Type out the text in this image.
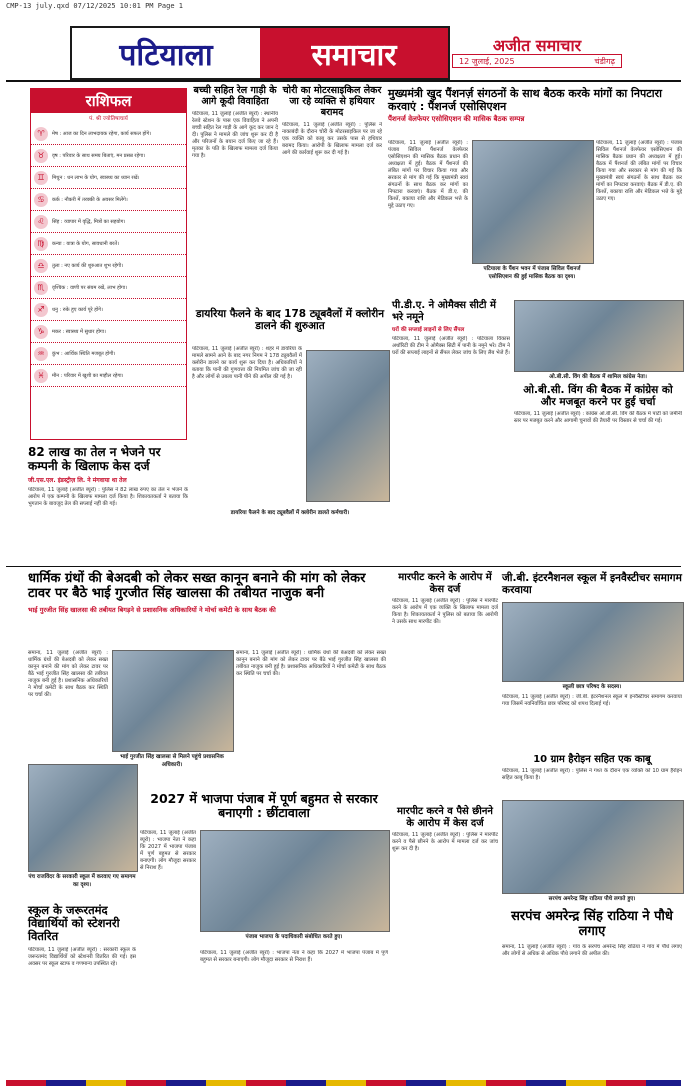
CMP-13 july.qxd 07/12/2025 10:01 PM Page 1
पटियाला	समाचार	अजीत समाचार
12 जुलाई, 2025	चंडीगढ़
राशिफल
पं. श्री ज्योतिषाचार्य
♈	मेष : आज का दिन लाभदायक रहेगा, कार्य सफल होंगे।
♉	वृष : परिवार के साथ समय बिताएं, मन प्रसन्न रहेगा।
♊	मिथुन : धन लाभ के योग, स्वास्थ्य का ध्यान रखें।
♋	कर्क : नौकरी में तरक्की के अवसर मिलेंगे।
♌	सिंह : व्यापार में वृद्धि, मित्रों का सहयोग।
♍	कन्या : यात्रा के योग, सावधानी बरतें।
♎	तुला : नए कार्य की शुरुआत शुभ रहेगी।
♏	वृश्चिक : वाणी पर संयम रखें, लाभ होगा।
♐	धनु : रुके हुए कार्य पूरे होंगे।
♑	मकर : स्वास्थ्य में सुधार होगा।
♒	कुंभ : आर्थिक स्थिति मजबूत होगी।
♓	मीन : परिवार में खुशी का माहौल रहेगा।
बच्ची सहित रेल गाड़ी के आगे कूदी विवाहिता
पटियाला, 11 जुलाई (अजीत ब्यूरो) : स्थानीय रेलवे स्टेशन के पास एक विवाहिता ने अपनी बच्ची सहित रेल गाड़ी के आगे कूद कर जान दे दी। पुलिस ने मामले की जांच शुरू कर दी है और परिजनों के बयान दर्ज किए जा रहे हैं। मृतका के पति के खिलाफ मामला दर्ज किया गया है।
चोरी का मोटरसाइकिल लेकर जा रहे व्यक्ति से हथियार बरामद
पटियाला, 11 जुलाई (अजीत ब्यूरो) : पुलिस ने नाकाबंदी के दौरान चोरी के मोटरसाइकिल पर जा रहे एक व्यक्ति को काबू कर उसके पास से हथियार बरामद किया। आरोपी के खिलाफ मामला दर्ज कर आगे की कार्रवाई शुरू कर दी गई है।
मुख्यमंत्री खुद पैंशनर्ज़ संगठनों के साथ बैठक करके मांगों का निपटारा करवाएं : पैंशनर्ज एसोसिएशन
पैंशनर्ज वेलफेयर एसोसिएशन की मासिक बैठक सम्पन्न
पटियाला, 11 जुलाई (अजीत ब्यूरो) : पंजाब सिविल पैंशनर्ज वेलफेयर एसोसिएशन की मासिक बैठक प्रधान की अध्यक्षता में हुई। बैठक में पैंशनर्ज की लंबित मांगों पर विचार किया गया और सरकार से मांग की गई कि मुख्यमंत्री स्वयं संगठनों के साथ बैठक कर मांगों का निपटारा करवाएं। बैठक में डी.ए. की किश्तें, बकाया राशि और मेडिकल भत्ते के मुद्दे उठाए गए।
पटियाला के पैंशन भवन में पंजाब सिविल पैंशनर्ज एसोसिएशन की हुई मासिक बैठक का दृश्य।
पटियाला, 11 जुलाई (अजीत ब्यूरो) : पंजाब सिविल पैंशनर्ज वेलफेयर एसोसिएशन की मासिक बैठक प्रधान की अध्यक्षता में हुई। बैठक में पैंशनर्ज की लंबित मांगों पर विचार किया गया और सरकार से मांग की गई कि मुख्यमंत्री स्वयं संगठनों के साथ बैठक कर मांगों का निपटारा करवाएं। बैठक में डी.ए. की किश्तें, बकाया राशि और मेडिकल भत्ते के मुद्दे उठाए गए।
डायरिया फैलने के बाद 178 ट्यूबवैलों में क्लोरीन डालने की शुरुआत
पटियाला, 11 जुलाई (अजीत ब्यूरो) : शहर में डायरिया के मामले सामने आने के बाद नगर निगम ने 178 ट्यूबवैलों में क्लोरीन डालने का कार्य शुरू कर दिया है। अधिकारियों ने बताया कि पानी की गुणवत्ता की नियमित जांच की जा रही है और लोगों से उबला पानी पीने की अपील की गई है।
डायरिया फैलने के बाद ट्यूबवैलों में क्लोरीन डालते कर्मचारी।
पी.डी.ए. ने ओमैक्स सीटी में भरे नमूने
घरों की सप्लाई लाइनों से लिए सैंपल
पटियाला, 11 जुलाई (अजीत ब्यूरो) : पटियाला विकास अथॉरिटी की टीम ने ओमैक्स सिटी में पानी के नमूने भरे। टीम ने घरों की सप्लाई लाइनों से सैंपल लेकर जांच के लिए लैब भेजे हैं।
ओ.बी.सी. विंग की बैठक में शामिल कांग्रेस नेता।
ओ.बी.सी. विंग की बैठक में कांग्रेस को और मजबूत करने पर हुई चर्चा
पटियाला, 11 जुलाई (अजीत ब्यूरो) : कांग्रेस ओ.बी.सी. विंग की बैठक में पार्टी को जमीनी स्तर पर मजबूत करने और आगामी चुनावों की तैयारी पर विस्तार से चर्चा की गई।
82 लाख का तेल न भेजने पर कम्पनी के खिलाफ केस दर्ज
जी.एस.एल. इंडस्ट्रीज़ लि. ने मंगवाया था तेल
पटियाला, 11 जुलाई (अजीत ब्यूरो) : पुलिस ने 82 लाख रुपए का तेल न भेजने के आरोप में एक कम्पनी के खिलाफ मामला दर्ज किया है। शिकायतकर्ता ने बताया कि भुगतान के बावजूद तेल की सप्लाई नहीं की गई।
धार्मिक ग्रंथों की बेअदबी को लेकर सख्त कानून बनाने की मांग को लेकर टावर पर बैठे भाई गुरजीत सिंह खालसा की तबीयत नाजुक बनी
भाई गुरजीत सिंह खालसा की तबीयत बिगड़ने से प्रशासनिक अधिकारियों ने मोर्चा कमेटी के साथ बैठक की
समाना, 11 जुलाई (अजीत ब्यूरो) : धार्मिक ग्रंथों की बेअदबी को लेकर सख्त कानून बनाने की मांग को लेकर टावर पर बैठे भाई गुरजीत सिंह खालसा की तबीयत नाजुक बनी हुई है। प्रशासनिक अधिकारियों ने मोर्चा कमेटी के साथ बैठक कर स्थिति पर चर्चा की।
भाई गुरजीत सिंह खालसा से मिलने पहुंचे प्रशासनिक अधिकारी।
समाना, 11 जुलाई (अजीत ब्यूरो) : धार्मिक ग्रंथों की बेअदबी को लेकर सख्त कानून बनाने की मांग को लेकर टावर पर बैठे भाई गुरजीत सिंह खालसा की तबीयत नाजुक बनी हुई है। प्रशासनिक अधिकारियों ने मोर्चा कमेटी के साथ बैठक कर स्थिति पर चर्चा की।
मारपीट करने के आरोप में केस दर्ज
पटियाला, 11 जुलाई (अजीत ब्यूरो) : पुलिस ने मारपीट करने के आरोप में एक व्यक्ति के खिलाफ मामला दर्ज किया है। शिकायतकर्ता ने पुलिस को बताया कि आरोपी ने उसके साथ मारपीट की।
जी.बी. इंटरनैशनल स्कूल में इनवैस्टीचर समागम करवाया
स्कूली छात्र परिषद के सदस्य।
पटियाला, 11 जुलाई (अजीत ब्यूरो) : जी.बी. इंटरनैशनल स्कूल में इनवैस्टीचर समागम करवाया गया जिसमें नवनिर्वाचित छात्र परिषद को शपथ दिलाई गई।
10 ग्राम हैरोइन सहित एक काबू
पटियाला, 11 जुलाई (अजीत ब्यूरो) : पुलिस ने गश्त के दौरान एक व्यक्ति को 10 ग्राम हैरोइन सहित काबू किया है।
2027 में भाजपा पंजाब में पूर्ण बहुमत से सरकार बनाएगी : छींटावाला
पंजाब भाजपा के पदाधिकारी संबोधित करते हुए।
पटियाला, 11 जुलाई (अजीत ब्यूरो) : भाजपा नेता ने कहा कि 2027 में भाजपा पंजाब में पूर्ण बहुमत से सरकार बनाएगी। लोग मौजूदा सरकार से निराश हैं।
पटियाला, 11 जुलाई (अजीत ब्यूरो) : भाजपा नेता ने कहा कि 2027 में भाजपा पंजाब में पूर्ण बहुमत से सरकार बनाएगी। लोग मौजूदा सरकार से निराश हैं।
पंच राजविंदर के सरकारी स्कूल में करवाए गए समागम का दृश्य।
स्कूल के जरूरतमंद विद्यार्थियों को स्टेशनरी वितरित
पटियाला, 11 जुलाई (अजीत ब्यूरो) : सरकारी स्कूल के जरूरतमंद विद्यार्थियों को स्टेशनरी वितरित की गई। इस अवसर पर स्कूल स्टाफ व गणमान्य उपस्थित रहे।
मारपीट करने व पैसे छीनने के आरोप में केस दर्ज
पटियाला, 11 जुलाई (अजीत ब्यूरो) : पुलिस ने मारपीट करने व पैसे छीनने के आरोप में मामला दर्ज कर जांच शुरू कर दी है।
सरपंच अमरेन्द्र सिंह राठिया पौधे लगाते हुए।
सरपंच अमरेन्द्र सिंह राठिया ने पौधे लगाए
समाना, 11 जुलाई (अजीत ब्यूरो) : गांव के सरपंच अमरेन्द्र सिंह राठिया ने गांव में पौधे लगाए और लोगों से अधिक से अधिक पौधे लगाने की अपील की।
